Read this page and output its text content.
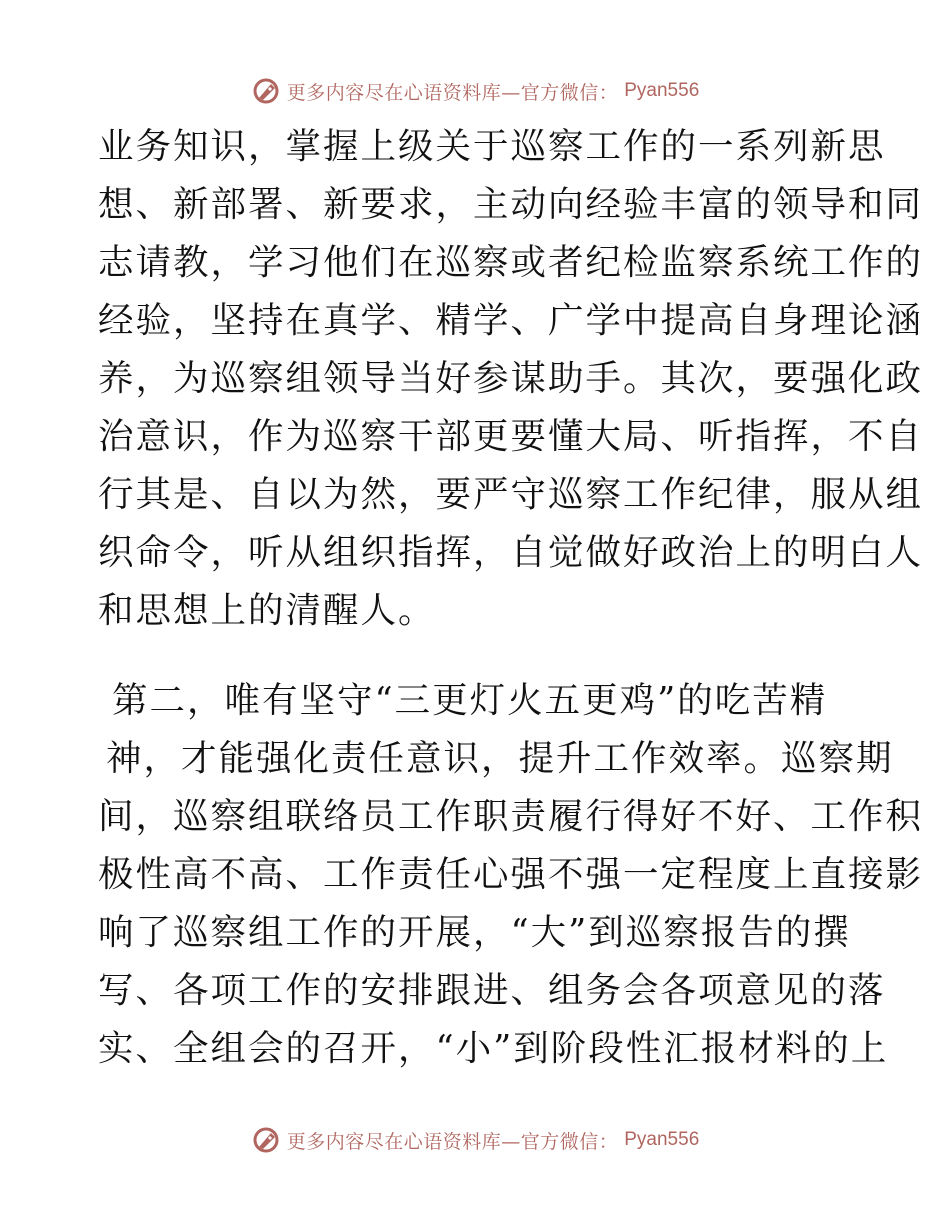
更多内容尽在心语资料库—官方微信： Pyan556
业务知识，掌握上级关于巡察工作的一系列新思
想、新部署、新要求，主动向经验丰富的领导和同
志请教，学习他们在巡察或者纪检监察系统工作的
经验，坚持在真学、精学、广学中提高自身理论涵
养，为巡察组领导当好参谋助手。其次，要强化政
治意识，作为巡察干部更要懂大局、听指挥，不自
行其是、自以为然，要严守巡察工作纪律，服从组
织命令，听从组织指挥，自觉做好政治上的明白人
和思想上的清醒人。
第二，唯有坚守“三更灯火五更鸡”的吃苦精
神，才能强化责任意识，提升工作效率。巡察期
间，巡察组联络员工作职责履行得好不好、工作积
极性高不高、工作责任心强不强一定程度上直接影
响了巡察组工作的开展，“大”到巡察报告的撰
写、各项工作的安排跟进、组务会各项意见的落
实、全组会的召开，“小”到阶段性汇报材料的上
更多内容尽在心语资料库—官方微信： Pyan556
